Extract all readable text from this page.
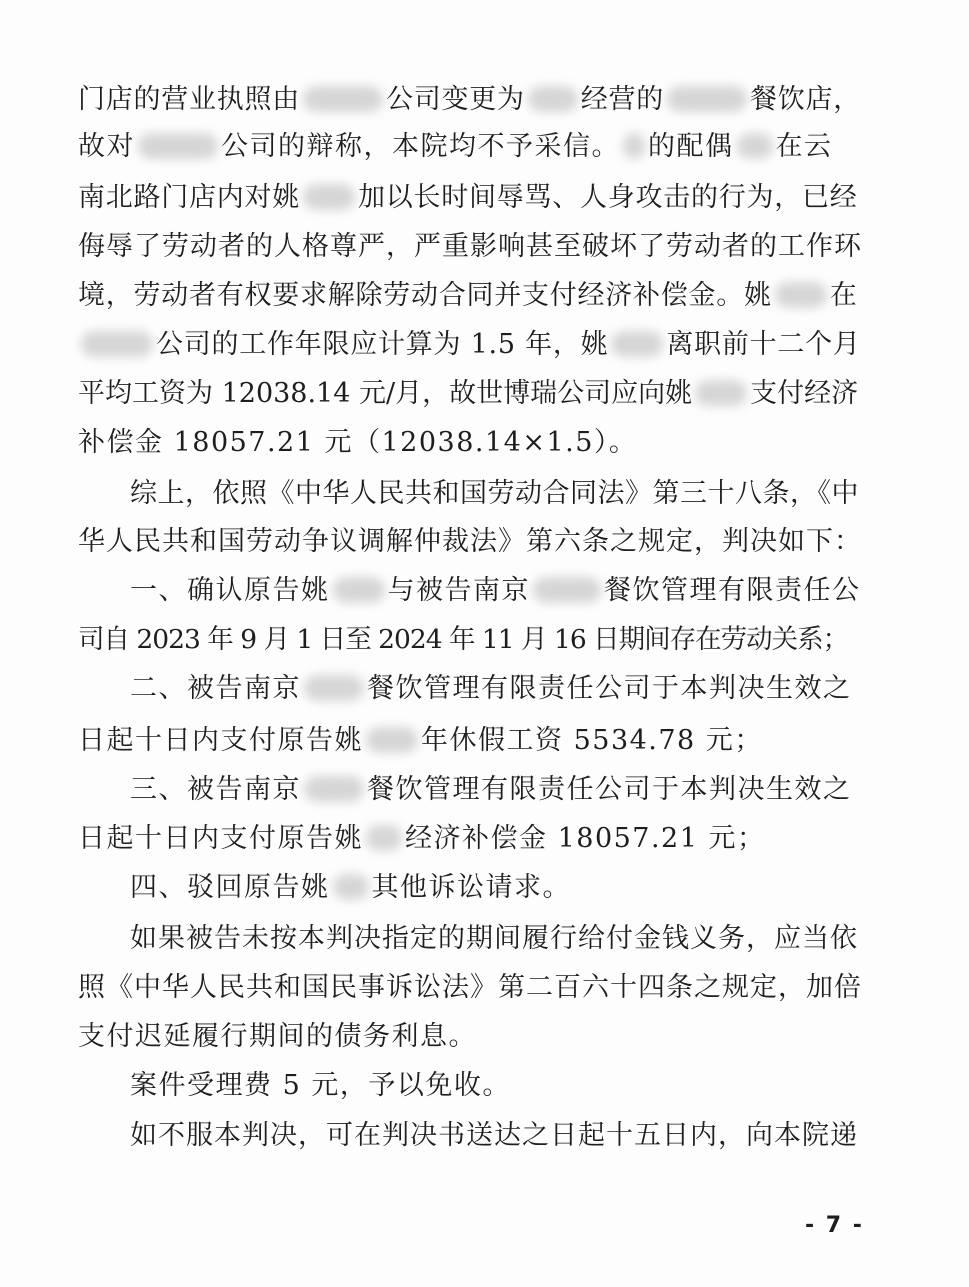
门店的营业执照由	公司变更为 经营的	餐饮店，
故对	公司的辩称，本院均不予采信。 的配偶 在云
南北路门店内对姚 加以长时间辱骂、人身攻击的行为，已经
侮辱了劳动者的人格尊严，严重影响甚至破坏了劳动者的工作环
境，劳动者有权要求解除劳动合同并支付经济补偿金。姚 在
公司的工作年限应计算为 1.5 年，姚 离职前十二个月
平均工资为 12038.14 元/月，故世博瑞公司应向姚 支付经济
补偿金 18057.21 元（12038.14×1.5）。
综上，依照《中华人民共和国劳动合同法》第三十八条，《中
华人民共和国劳动争议调解仲裁法》第六条之规定，判决如下：
一、确认原告姚 与被告南京	餐饮管理有限责任公
司自 2023 年 9 月 1 日至 2024 年 11 月 16 日期间存在劳动关系；
二、被告南京 餐饮管理有限责任公司于本判决生效之
日起十日内支付原告姚 年休假工资 5534.78 元；
三、被告南京 餐饮管理有限责任公司于本判决生效之
日起十日内支付原告姚 经济补偿金 18057.21 元；
四、驳回原告姚 其他诉讼请求。
如果被告未按本判决指定的期间履行给付金钱义务，应当依
照《中华人民共和国民事诉讼法》第二百六十四条之规定，加倍
支付迟延履行期间的债务利息。
案件受理费 5 元，予以免收。
如不服本判决，可在判决书送达之日起十五日内，向本院递
- 7 -
